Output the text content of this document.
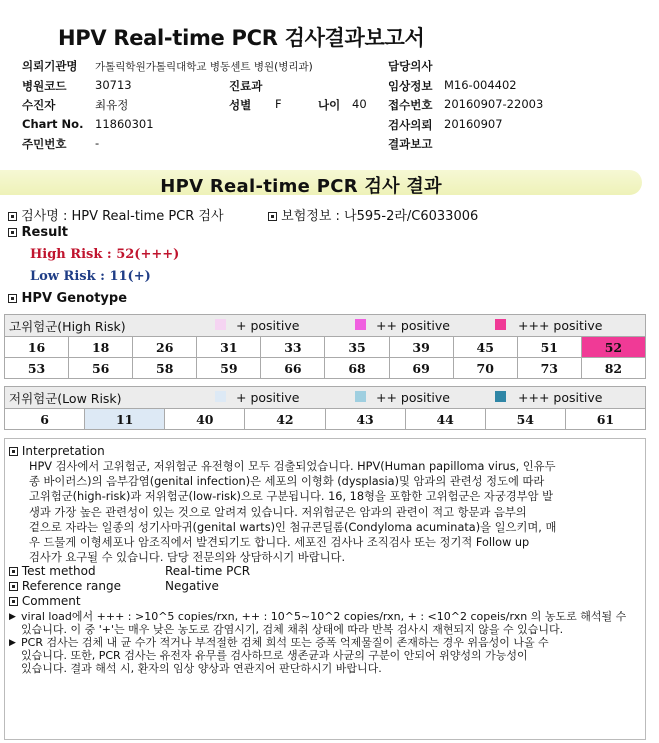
HPV Real-time PCR 검사결과보고서
의뢰기관명 가톨릭학원가톨릭대학교 병동센트 병원(병리과)	담당의사
병원코드 30713	진료과	임상정보 M16-004402
수진자	최유정	성별 F	나이 40 접수번호 20160907-22003
Chart No. 11860301	검사의뢰 20160907
주민번호 -	결과보고
HPV Real-time PCR 검사 결과
검사명 : HPV Real-time PCR 검사	보험정보 : 나595-2라/C6033006
Result
High Risk : 52(+++)
Low Risk : 11(+)
HPV Genotype
고위험군(High Risk)									
16	18	26	31	33	35	39	45	51	52
53	56	58	59	66	68	69	70	73	82
+ positive	++ positive	+++ positive
저위험군(Low Risk)
6	11	40	42	43	44	54	61
+ positive	++ positive	+++ positive
Interpretation
HPV 검사에서 고위험군, 저위험군 유전형이 모두 검출되었습니다. HPV(Human papilloma virus, 인유두
종 바이러스)의 음부감염(genital infection)은 세포의 이형화 (dysplasia)및 암과의 관련성 정도에 따라
고위험군(high-risk)과 저위험군(low-risk)으로 구분됩니다. 16, 18형을 포함한 고위험군은 자궁경부암 발
생과 가장 높은 관련성이 있는 것으로 알려져 있습니다. 저위험군은 암과의 관련이 적고 항문과 음부의
겉으로 자라는 일종의 성기사마귀(genital warts)인 첨규콘딜롬(Condyloma acuminata)을 일으키며, 매
우 드물게 이형세포나 암조직에서 발견되기도 합니다. 세포진 검사나 조직검사 또는 정기적 Follow up
검사가 요구될 수 있습니다. 담당 전문의와 상담하시기 바랍니다.
Test method	Real-time PCR
Reference range	Negative
Comment
▶ viral load에서 +++ : >10^5 copies/rxn, ++ : 10^5~10^2 copies/rxn, + : <10^2 copeis/rxn 의 농도로 해석될 수
있습니다. 이 중 '+'는 매우 낮은 농도로 감염시기, 검체 채취 상태에 따라 반복 검사시 재현되지 않을 수 있습니다.
▶ PCR 검사는 검체 내 균 수가 적거나 부적절한 검체 희석 또는 증폭 억제물질이 존재하는 경우 위음성이 나올 수
있습니다. 또한, PCR 검사는 유전자 유무를 검사하므로 생존균과 사균의 구분이 안되어 위양성의 가능성이
있습니다. 결과 해석 시, 환자의 임상 양상과 연관지어 판단하시기 바랍니다.
